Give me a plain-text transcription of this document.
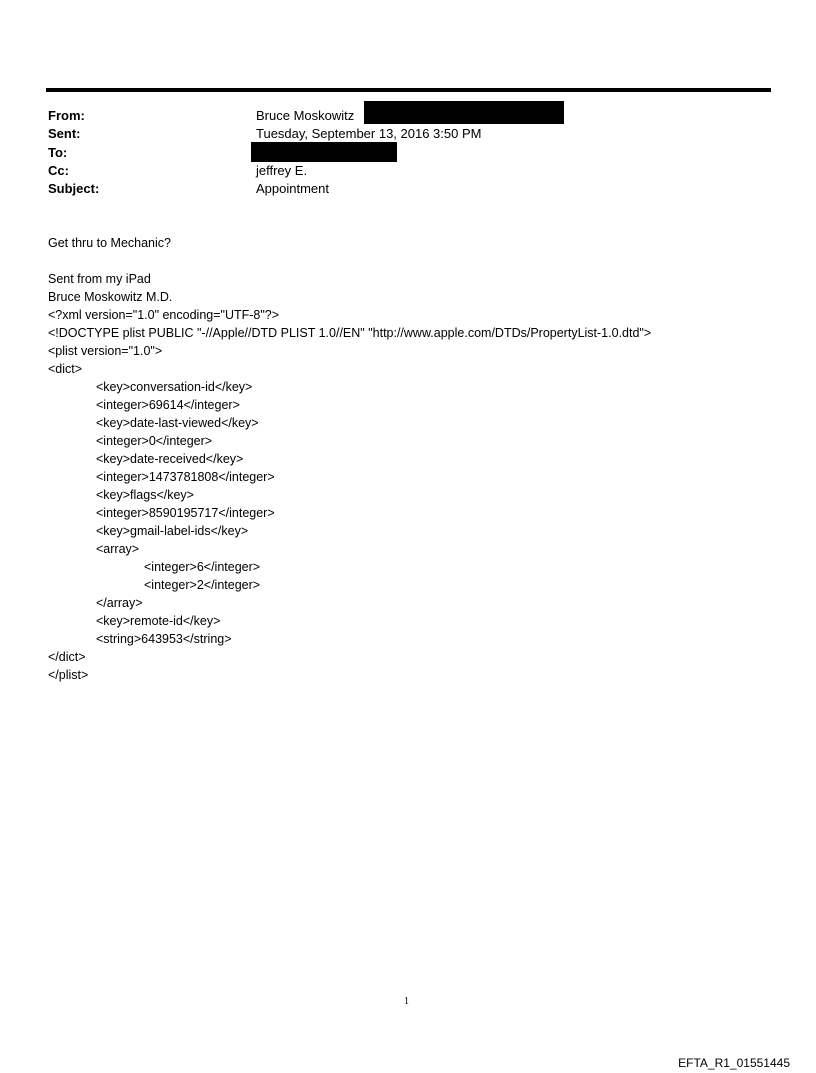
From:	Bruce Moskowitz
Sent:	Tuesday, September 13, 2016 3:50 PM
To:
Cc:	jeffrey E.
Subject:	Appointment
Get thru to Mechanic?
Sent from my iPad
Bruce Moskowitz M.D.
<?xml version="1.0" encoding="UTF-8"?>
<!DOCTYPE plist PUBLIC "-//Apple//DTD PLIST 1.0//EN" "http://www.apple.com/DTDs/PropertyList-1.0.dtd">
<plist version="1.0">
<dict>
<key>conversation-id</key>
<integer>69614</integer>
<key>date-last-viewed</key>
<integer>0</integer>
<key>date-received</key>
<integer>1473781808</integer>
<key>flags</key>
<integer>8590195717</integer>
<key>gmail-label-ids</key>
<array>
<integer>6</integer>
<integer>2</integer>
</array>
<key>remote-id</key>
<string>643953</string>
</dict>
</plist>
1
EFTA_R1_01551445
